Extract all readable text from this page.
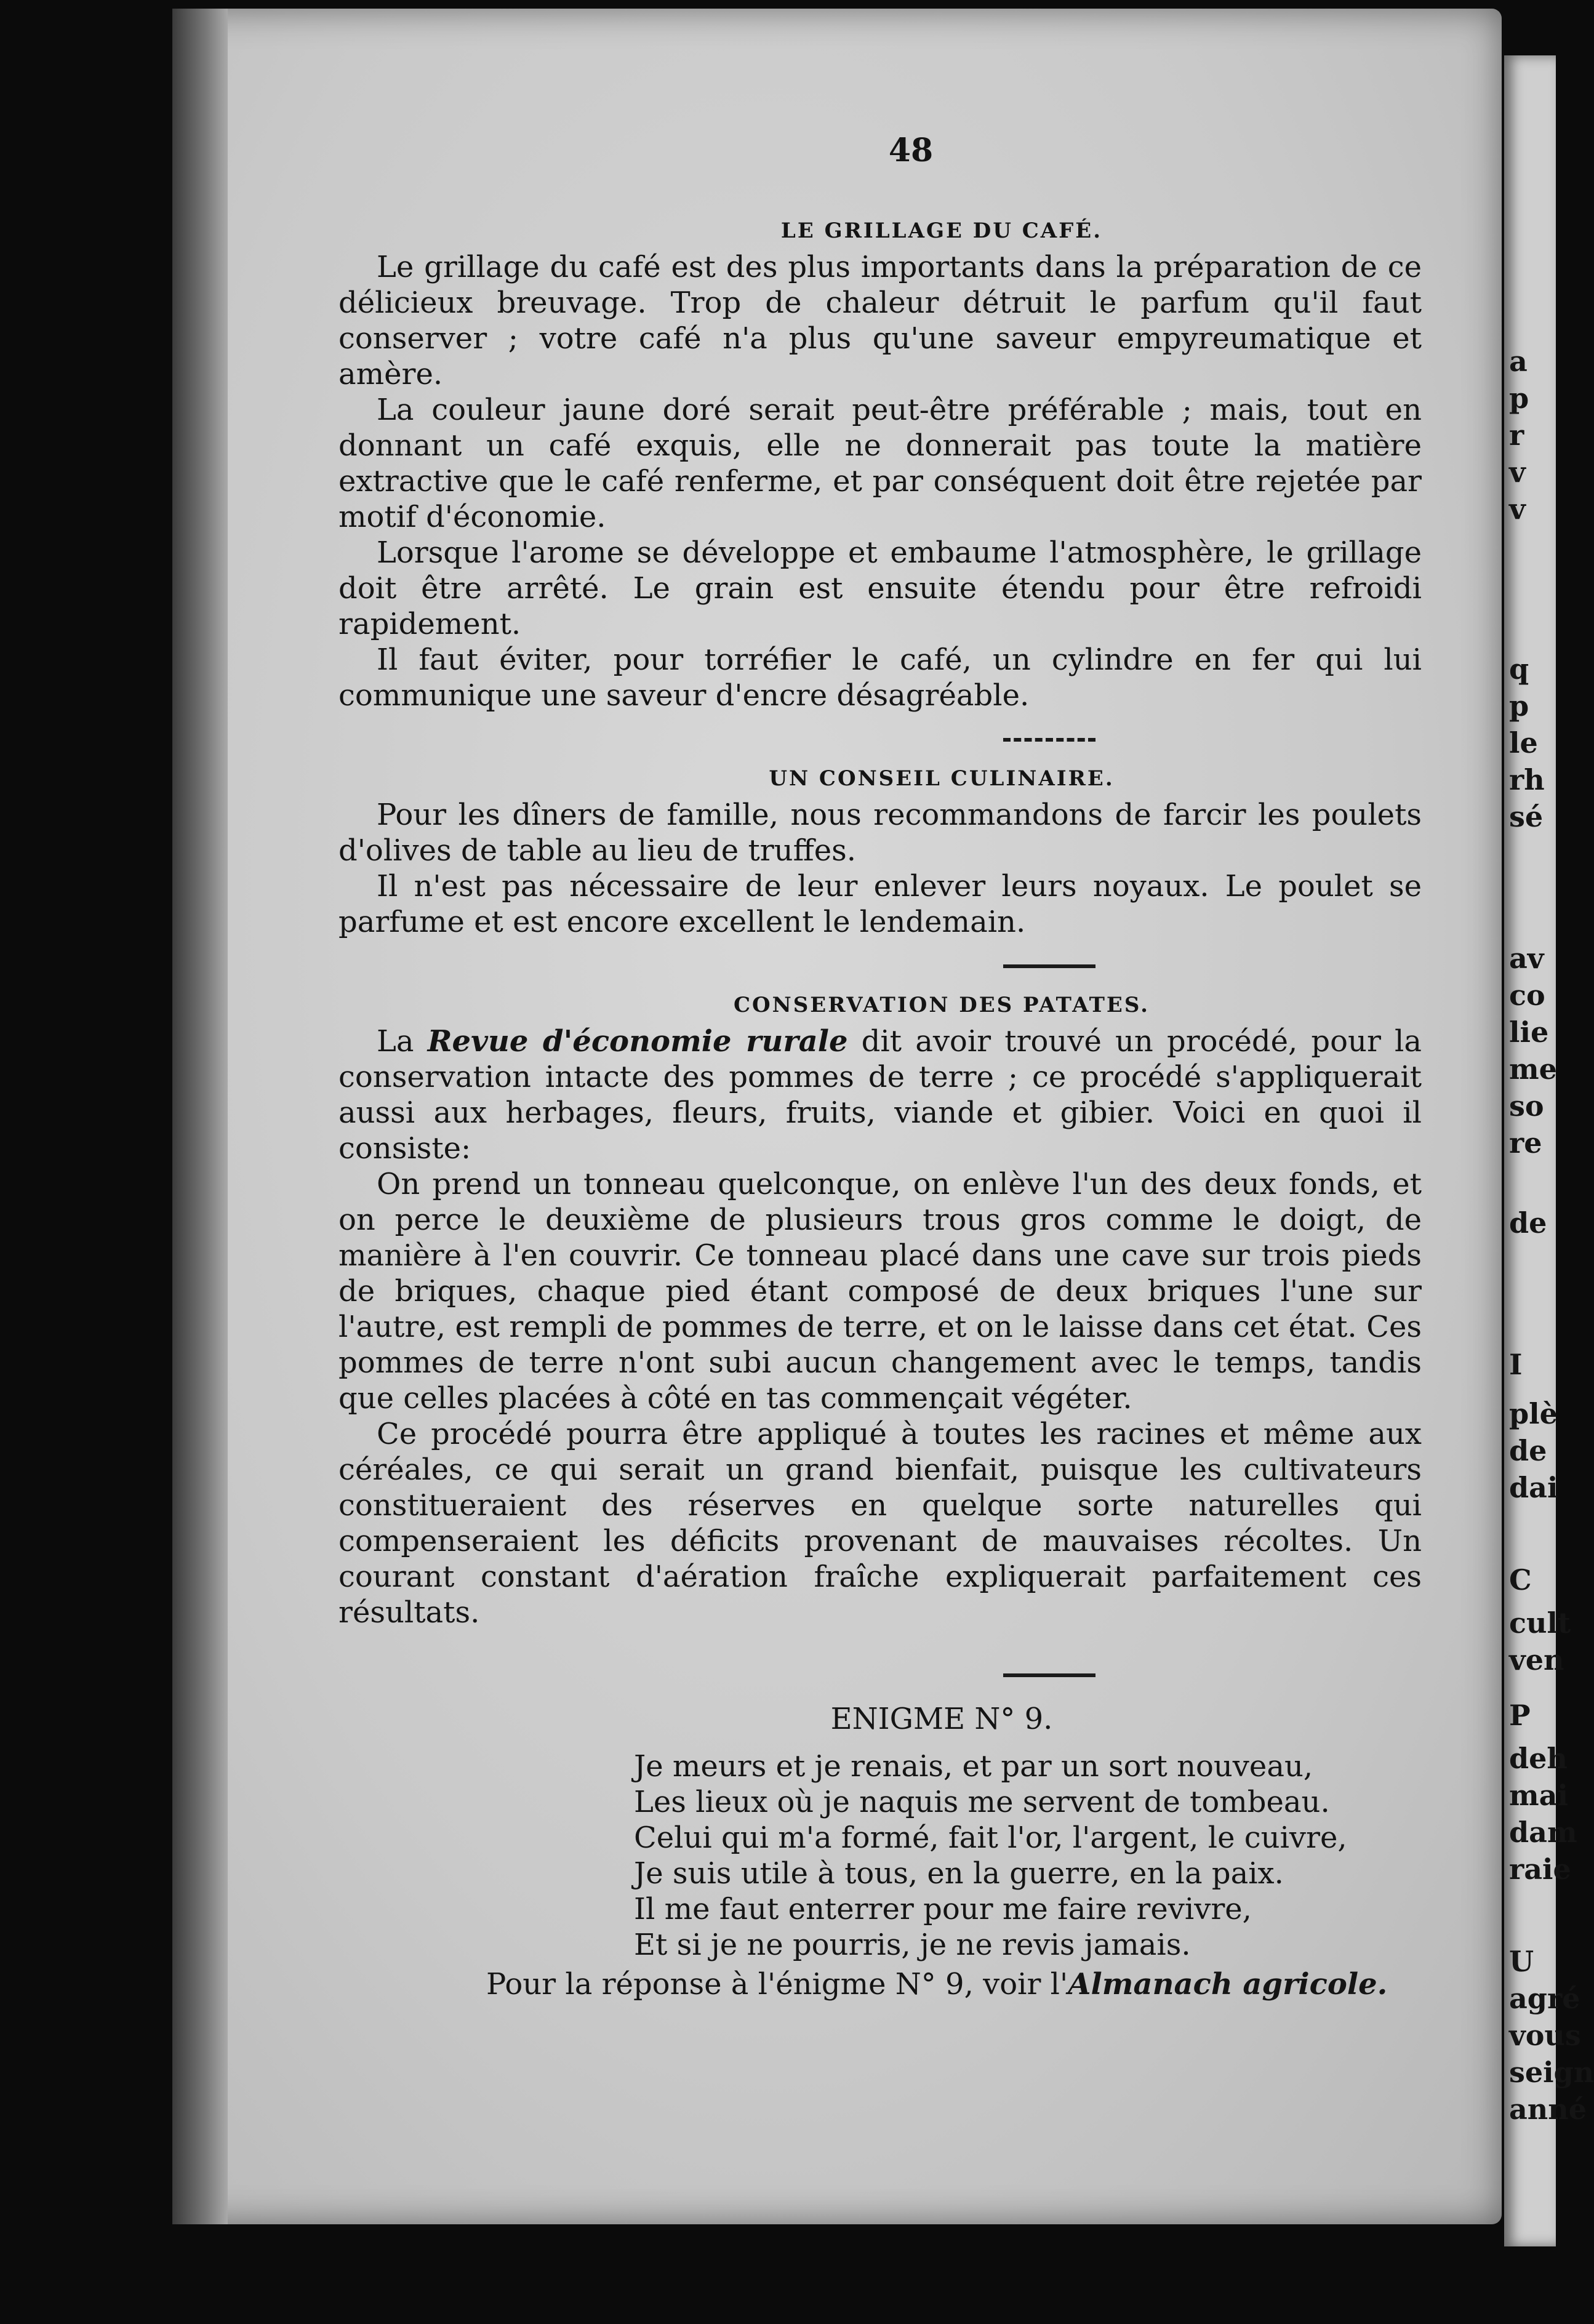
48
LE GRILLAGE DU CAFÉ.

Le grillage du café est des plus importants dans la préparation de ce délicieux breuvage. Trop de chaleur détruit le parfum qu'il faut conserver ; votre café n'a plus qu'une saveur empyreumatique et amère.

La couleur jaune doré serait peut-être préférable ; mais, tout en donnant un café exquis, elle ne donnerait pas toute la matière extractive que le café renferme, et par conséquent doit être rejetée par motif d'économie.

Lorsque l'arome se développe et embaume l'atmosphère, le grillage doit être arrêté. Le grain est ensuite étendu pour être refroidi rapidement.

Il faut éviter, pour torréfier le café, un cylindre en fer qui lui communique une saveur d'encre désagréable.

UN CONSEIL CULINAIRE.

Pour les dîners de famille, nous recommandons de farcir les poulets d'olives de table au lieu de truffes.

Il n'est pas nécessaire de leur enlever leurs noyaux. Le poulet se parfume et est encore excellent le lendemain.

CONSERVATION DES PATATES.

La Revue d'économie rurale dit avoir trouvé un procédé, pour la conservation intacte des pommes de terre ; ce procédé s'appliquerait aussi aux herbages, fleurs, fruits, viande et gibier. Voici en quoi il consiste:

On prend un tonneau quelconque, on enlève l'un des deux fonds, et on perce le deuxième de plusieurs trous gros comme le doigt, de manière à l'en couvrir. Ce tonneau placé dans une cave sur trois pieds de briques, chaque pied étant composé de deux briques l'une sur l'autre, est rempli de pommes de terre, et on le laisse dans cet état. Ces pommes de terre n'ont subi aucun changement avec le temps, tandis que celles placées à côté en tas commençait végéter.

Ce procédé pourra être appliqué à toutes les racines et même aux céréales, ce qui serait un grand bienfait, puisque les cultivateurs constitueraient des réserves en quelque sorte naturelles qui compenseraient les déficits provenant de mauvaises récoltes. Un courant constant d'aération fraîche expliquerait parfaitement ces résultats.

ENIGME N° 9.
Je meurs et je renais, et par un sort nouveau,
Les lieux où je naquis me servent de tombeau.
Celui qui m'a formé, fait l'or, l'argent, le cuivre,
Je suis utile à tous, en la guerre, en la paix.
Il me faut enterrer pour me faire revivre,
Et si je ne pourris, je ne revis jamais.
Pour la réponse à l'énigme N° 9, voir l'Almanach agricole.
a
p
r
v
v
q
p
le
rh
sé
av
co
lie
me
so
re
de
I
plè
de
dai
C
cult
ven
P
deh
mai
dam
raie
U
agré
vous
seign
anné
